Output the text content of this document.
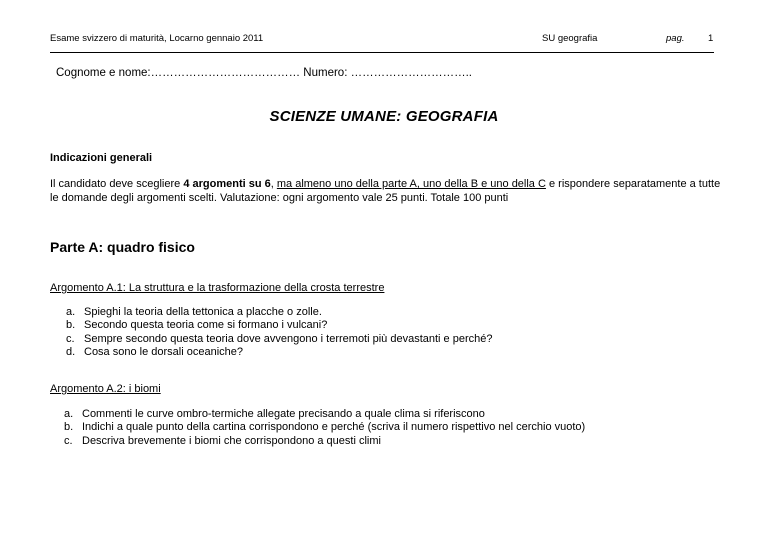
Esame svizzero di maturità, Locarno gennaio 2011	SU geografia	pag. 1
Cognome e nome:………………………………… Numero: …………………………..
SCIENZE UMANE: GEOGRAFIA
Indicazioni generali
Il candidato deve scegliere 4 argomenti su 6, ma almeno uno della parte A, uno della B e uno della C e rispondere separatamente a tutte le domande degli argomenti scelti. Valutazione: ogni argomento vale 25 punti. Totale 100 punti
Parte A: quadro fisico
Argomento A.1: La struttura e la trasformazione della crosta terrestre
a. Spieghi la teoria della tettonica a placche o zolle.
b. Secondo questa teoria come si formano i vulcani?
c. Sempre secondo questa teoria dove avvengono i terremoti più devastanti e perché?
d. Cosa sono le dorsali oceaniche?
Argomento A.2: i biomi
a. Commenti le curve ombro-termiche allegate precisando a quale clima si riferiscono
b. Indichi a quale punto della cartina corrispondono e perché (scriva il numero rispettivo nel cerchio vuoto)
c. Descriva brevemente i biomi che corrispondono a questi climi
